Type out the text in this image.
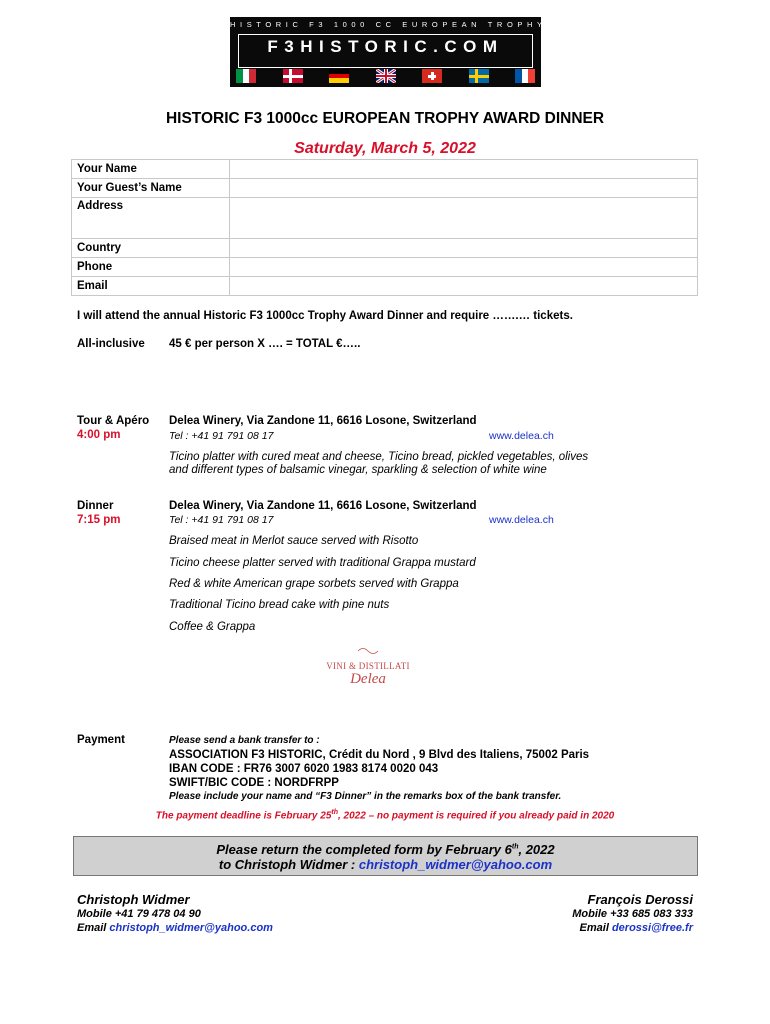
HISTORIC F3 1000 CC EUROPEAN TROPHY
F3HISTORIC.COM
HISTORIC F3 1000cc EUROPEAN TROPHY AWARD DINNER
Saturday, March 5, 2022
Your Name	
Your Guest’s Name	
Address	
Country	
Phone	
Email	
I will attend the annual Historic F3 1000cc Trophy Award Dinner and require …….… tickets.
All-inclusive 45 € per person X …. = TOTAL €…..
Tour & Apéro
4:00 pm
Delea Winery, Via Zandone 11, 6616 Losone, Switzerland
Tel : +41 91 791 08 17	www.delea.ch
Ticino platter with cured meat and cheese, Ticino bread, pickled vegetables, olives
and different types of balsamic vinegar, sparkling & selection of white wine
Dinner
7:15 pm
Delea Winery, Via Zandone 11, 6616 Losone, Switzerland
Tel : +41 91 791 08 17	www.delea.ch
Braised meat in Merlot sauce served with Risotto
Ticino cheese platter served with traditional Grappa mustard
Red & white American grape sorbets served with Grappa
Traditional Ticino bread cake with pine nuts
Coffee & Grappa
VINI & DISTILLATI
Delea
Payment	Please send a bank transfer to :
ASSOCIATION F3 HISTORIC, Crédit du Nord , 9 Blvd des Italiens, 75002 Paris
IBAN CODE : FR76 3007 6020 1983 8174 0020 043
SWIFT/BIC CODE : NORDFRPP
Please include your name and “F3 Dinner” in the remarks box of the bank transfer.
The payment deadline is February 25th, 2022 – no payment is required if you already paid in 2020
Please return the completed form by February 6th, 2022
to Christoph Widmer : christoph_widmer@yahoo.com
Christoph Widmer
Mobile +41 79 478 04 90
Email christoph_widmer@yahoo.com
François Derossi
Mobile +33 685 083 333
Email derossi@free.fr
